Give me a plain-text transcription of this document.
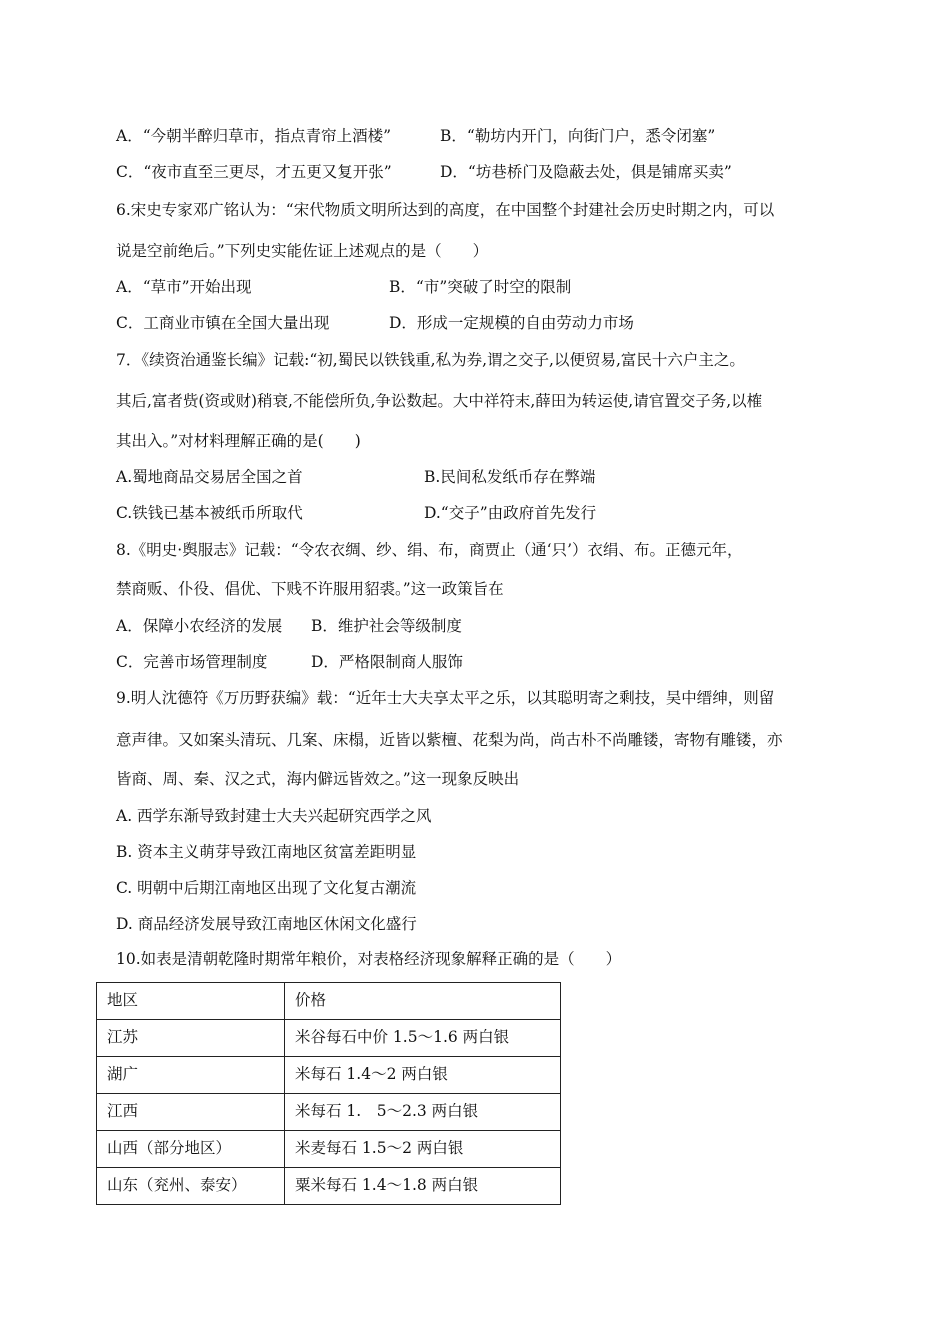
A．“今朝半醉归草市，指点青帘上酒楼”	B．“勒坊内开门，向街门户，悉令闭塞”
C．“夜市直至三更尽，才五更又复开张”	D．“坊巷桥门及隐蔽去处，俱是铺席买卖”
6.宋史专家邓广铭认为：“宋代物质文明所达到的高度，在中国整个封建社会历史时期之内，可以
说是空前绝后。”下列史实能佐证上述观点的是（　　）
A．“草市”开始出现	B．“市”突破了时空的限制
C．工商业市镇在全国大量出现	D．形成一定规模的自由劳动力市场
7．《续资治通鉴长编》记载:“初,蜀民以铁钱重,私为券,谓之交子,以便贸易,富民十六户主之。
其后,富者赀(资或财)稍衰,不能偿所负,争讼数起。大中祥符末,薛田为转运使,请官置交子务,以榷
其出入。”对材料理解正确的是(　　)
A.蜀地商品交易居全国之首	B.民间私发纸币存在弊端
C.铁钱已基本被纸币所取代	D.“交子”由政府首先发行
8.《明史·舆服志》记载：“令农衣绸、纱、绢、布，商贾止（通‘只’）衣绢、布。正德元年，
禁商贩、仆役、倡优、下贱不许服用貂裘。”这一政策旨在
A．保障小农经济的发展 B．维护社会等级制度
C．完善市场管理制度	D．严格限制商人服饰
9.明人沈德符《万历野获编》载：“近年士大夫享太平之乐，以其聪明寄之剩技，吴中缙绅，则留
意声律。又如案头清玩、几案、床榻，近皆以紫檀、花梨为尚，尚古朴不尚雕镂，寄物有雕镂，亦
皆商、周、秦、汉之式，海内僻远皆效之。”这一现象反映出
A. 西学东渐导致封建士大夫兴起研究西学之风
B. 资本主义萌芽导致江南地区贫富差距明显
C. 明朝中后期江南地区出现了文化复古潮流
D. 商品经济发展导致江南地区休闲文化盛行
10.如表是清朝乾隆时期常年粮价，对表格经济现象解释正确的是（　　）
地区	价格
江苏	米谷每石中价 1.5～1.6 两白银
湖广	米每石 1.4～2 两白银
江西	米每石 1.　5～2.3 两白银
山西（部分地区）	米麦每石 1.5～2 两白银
山东（兖州、泰安）	粟米每石 1.4～1.8 两白银
